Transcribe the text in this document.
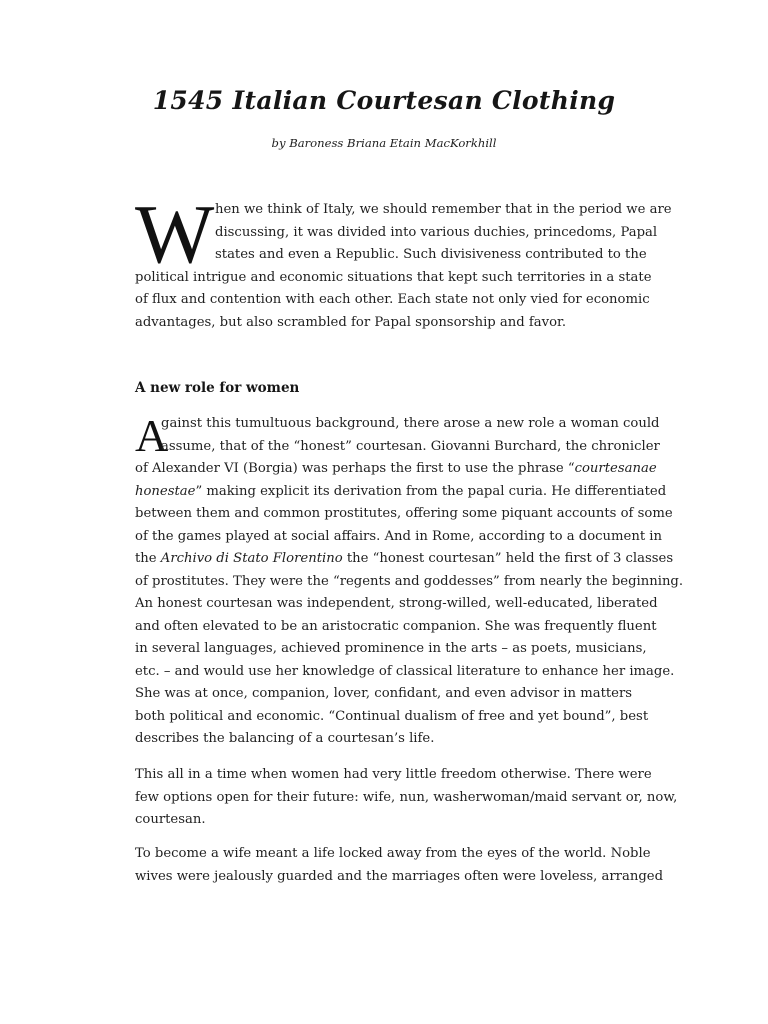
1545 Italian Courtesan Clothing

by Baroness Briana Etain MacKorkhill

W hen we think of Italy, we should remember that in the period we are
discussing, it was divided into various duchies, princedoms, Papal
states and even a Republic. Such divisiveness contributed to the
political intrigue and economic situations that kept such territories in a state
of flux and contention with each other. Each state not only vied for economic
advantages, but also scrambled for Papal sponsorship and favor.
A new role for women
A
gainst this tumultuous background, there arose a new role a woman could
assume, that of the “honest” courtesan. Giovanni Burchard, the chronicler
of Alexander VI (Borgia) was perhaps the first to use the phrase “courtesanae
honestae” making explicit its derivation from the papal curia. He differentiated
between them and common prostitutes, offering some piquant accounts of some
of the games played at social affairs. And in Rome, according to a document in
the Archivo di Stato Florentino the “honest courtesan” held the first of 3 classes
of prostitutes. They were the “regents and goddesses” from nearly the beginning.
An honest courtesan was independent, strong-willed, well-educated, liberated
and often elevated to be an aristocratic companion. She was frequently fluent
in several languages, achieved prominence in the arts – as poets, musicians,
etc. – and would use her knowledge of classical literature to enhance her image.
She was at once, companion, lover, confidant, and even advisor in matters
both political and economic. “Continual dualism of free and yet bound”, best
describes the balancing of a courtesan’s life.
This all in a time when women had very little freedom otherwise. There were
few options open for their future: wife, nun, washerwoman/maid servant or, now,
courtesan.
To become a wife meant a life locked away from the eyes of the world. Noble
wives were jealously guarded and the marriages often were loveless, arranged
